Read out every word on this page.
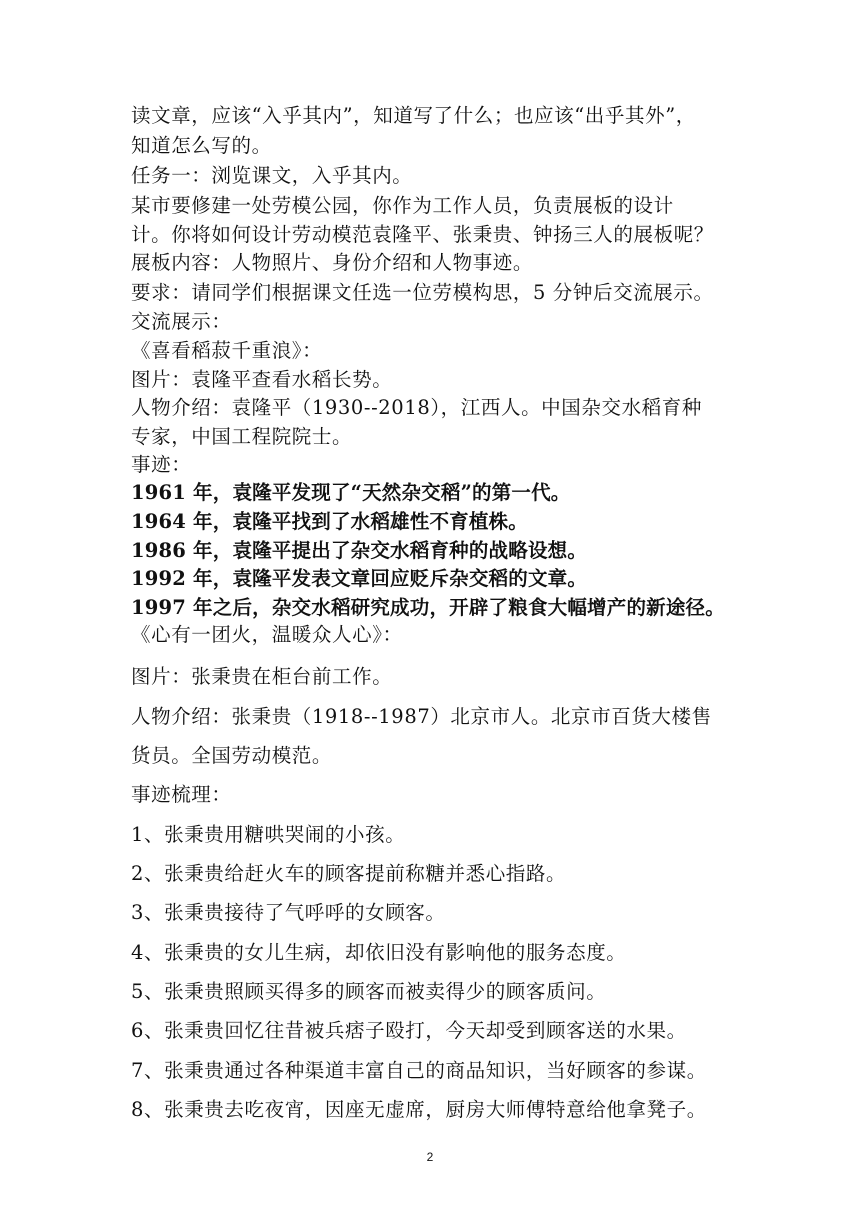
读文章，应该“入乎其内”，知道写了什么；也应该“出乎其外”，
知道怎么写的。
任务一：浏览课文，入乎其内。
某市要修建一处劳模公园，你作为工作人员，负责展板的设计
计。你将如何设计劳动模范袁隆平、张秉贵、钟扬三人的展板呢？
展板内容：人物照片、身份介绍和人物事迹。
要求：请同学们根据课文任选一位劳模构思，5 分钟后交流展示。
交流展示：
《喜看稻菽千重浪》：
图片：袁隆平查看水稻长势。
人物介绍：袁隆平（1930--2018），江西人。中国杂交水稻育种
专家，中国工程院院士。
事迹：
1961 年，袁隆平发现了“天然杂交稻”的第一代。
1964 年，袁隆平找到了水稻雄性不育植株。
1986 年，袁隆平提出了杂交水稻育种的战略设想。
1992 年，袁隆平发表文章回应贬斥杂交稻的文章。
1997 年之后，杂交水稻研究成功，开辟了粮食大幅增产的新途径。
《心有一团火，温暖众人心》：
图片：张秉贵在柜台前工作。
人物介绍：张秉贵（1918--1987）北京市人。北京市百货大楼售
货员。全国劳动模范。
事迹梳理：
1、张秉贵用糖哄哭闹的小孩。
2、张秉贵给赶火车的顾客提前称糖并悉心指路。
3、张秉贵接待了气呼呼的女顾客。
4、张秉贵的女儿生病，却依旧没有影响他的服务态度。
5、张秉贵照顾买得多的顾客而被卖得少的顾客质问。
6、张秉贵回忆往昔被兵痞子殴打，今天却受到顾客送的水果。
7、张秉贵通过各种渠道丰富自己的商品知识，当好顾客的参谋。
8、张秉贵去吃夜宵，因座无虚席，厨房大师傅特意给他拿凳子。
2
